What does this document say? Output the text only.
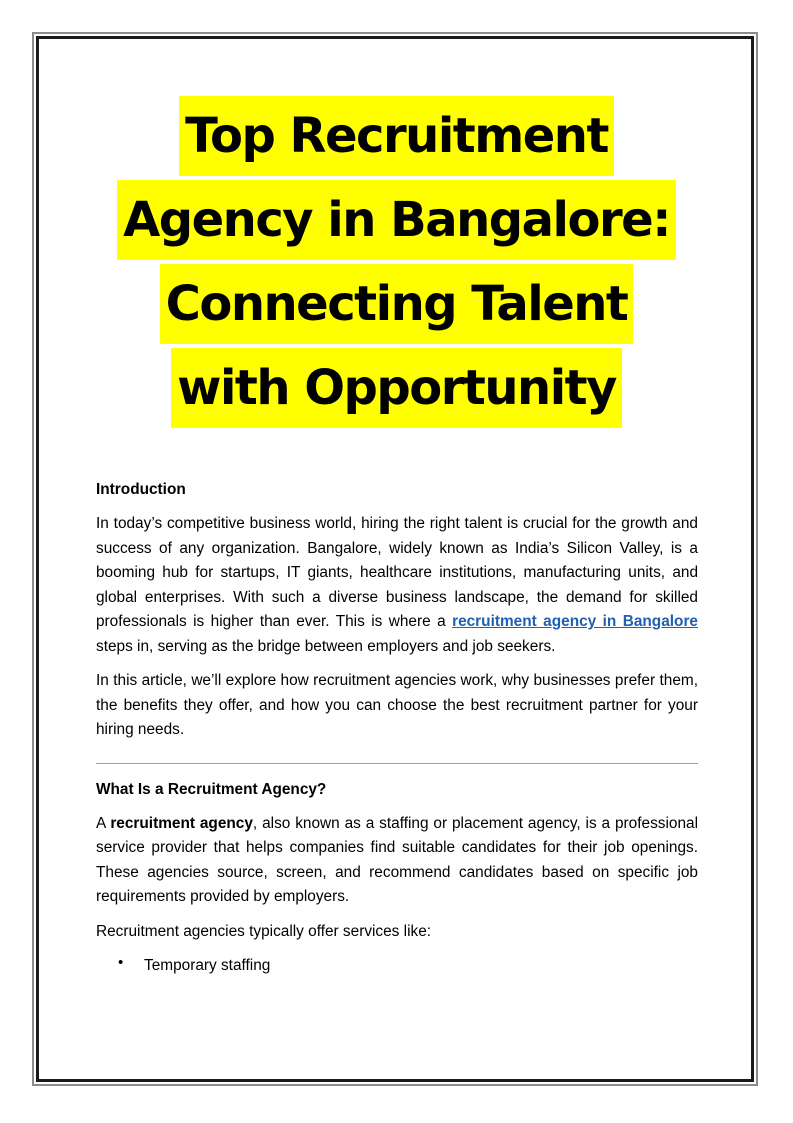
Top Recruitment
Agency in Bangalore:
Connecting Talent
with Opportunity
Introduction

In today’s competitive business world, hiring the right talent is crucial for the growth and success of any organization. Bangalore, widely known as India’s Silicon Valley, is a booming hub for startups, IT giants, healthcare institutions, manufacturing units, and global enterprises. With such a diverse business landscape, the demand for skilled professionals is higher than ever. This is where a recruitment agency in Bangalore steps in, serving as the bridge between employers and job seekers.

In this article, we’ll explore how recruitment agencies work, why businesses prefer them, the benefits they offer, and how you can choose the best recruitment partner for your hiring needs.

What Is a Recruitment Agency?

A recruitment agency, also known as a staffing or placement agency, is a professional service provider that helps companies find suitable candidates for their job openings. These agencies source, screen, and recommend candidates based on specific job requirements provided by employers.

Recruitment agencies typically offer services like:

• Temporary staffing
